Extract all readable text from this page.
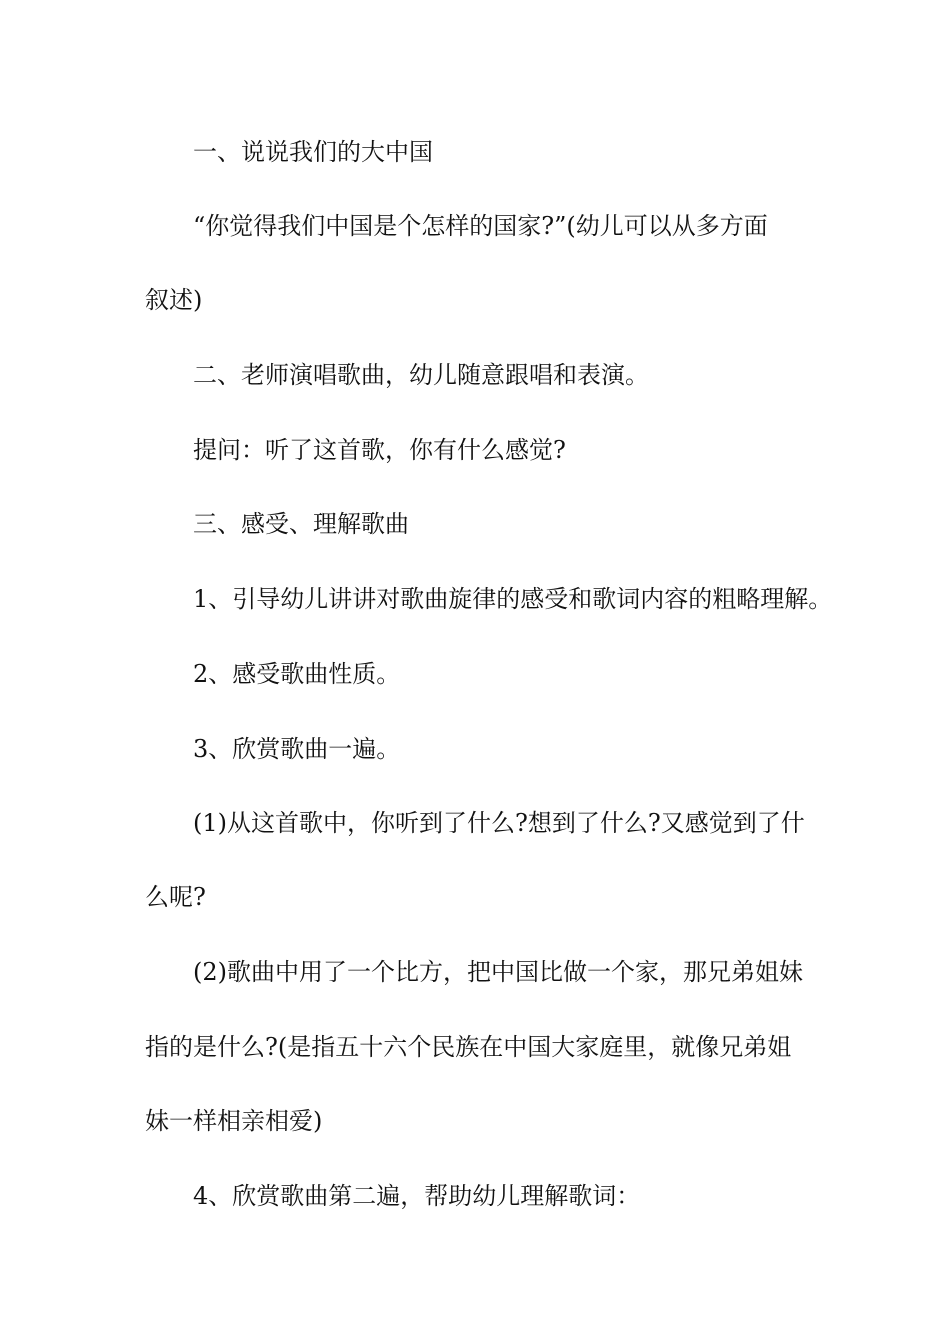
一、说说我们的大中国
“你觉得我们中国是个怎样的国家?”(幼儿可以从多方面
叙述)
二、老师演唱歌曲，幼儿随意跟唱和表演。
提问：听了这首歌，你有什么感觉?
三、感受、理解歌曲
1、引导幼儿讲讲对歌曲旋律的感受和歌词内容的粗略理解。
2、感受歌曲性质。
3、欣赏歌曲一遍。
(1)从这首歌中，你听到了什么?想到了什么?又感觉到了什
么呢?
(2)歌曲中用了一个比方，把中国比做一个家，那兄弟姐妹
指的是什么?(是指五十六个民族在中国大家庭里，就像兄弟姐
妹一样相亲相爱)
4、欣赏歌曲第二遍，帮助幼儿理解歌词：
